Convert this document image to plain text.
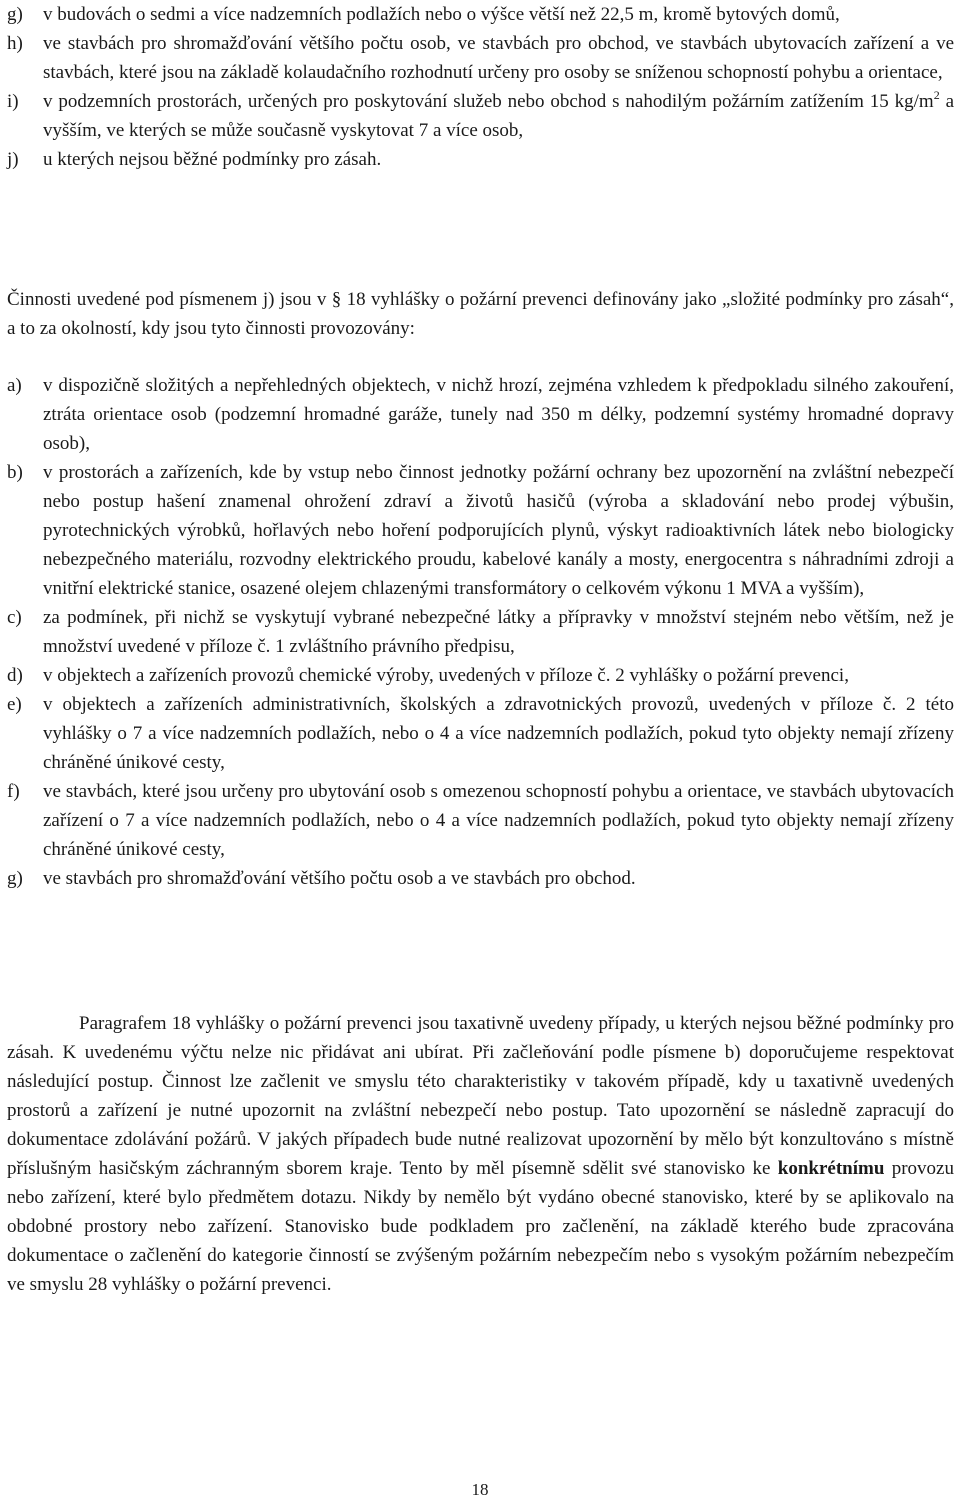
g) v budovách o sedmi a více nadzemních podlažích nebo o výšce větší než 22,5 m, kromě bytových domů,
h) ve stavbách pro shromažďování většího počtu osob, ve stavbách pro obchod, ve stavbách ubytovacích zařízení a ve stavbách, které jsou na základě kolaudačního rozhodnutí určeny pro osoby se sníženou schopností pohybu a orientace,
i) v podzemních prostorách, určených pro poskytování služeb nebo obchod s nahodilým požárním zatížením 15 $kg/m^2$ a vyšším, ve kterých se může současně vyskytovat 7 a více osob,
j) u kterých nejsou běžné podmínky pro zásah.

Činnosti uvedené pod písmenem j) jsou v § 18 vyhlášky o požární prevenci definovány jako „složité podmínky pro zásah“, a to za okolností, kdy jsou tyto činnosti provozovány:

a) v dispozičně složitých a nepřehledných objektech, v nichž hrozí, zejména vzhledem k předpokladu silného zakouření, ztráta orientace osob (podzemní hromadné garáže, tunely nad 350 m délky, podzemní systémy hromadné dopravy osob),
b) v prostorách a zařízeních, kde by vstup nebo činnost jednotky požární ochrany bez upozornění na zvláštní nebezpečí nebo postup hašení znamenal ohrožení zdraví a životů hasičů (výroba a skladování nebo prodej výbušin, pyrotechnických výrobků, hořlavých nebo hoření podporujících plynů, výskyt radioaktivních látek nebo biologicky nebezpečného materiálu, rozvodny elektrického proudu, kabelové kanály a mosty, energocentra s náhradními zdroji a vnitřní elektrické stanice, osazené olejem chlazenými transformátory o celkovém výkonu 1 MVA a vyšším),
c) za podmínek, při nichž se vyskytují vybrané nebezpečné látky a přípravky v množství stejném nebo větším, než je množství uvedené v příloze č. 1 zvláštního právního předpisu,
d) v objektech a zařízeních provozů chemické výroby, uvedených v příloze č. 2 vyhlášky o požární prevenci,
e) v objektech a zařízeních administrativních, školských a zdravotnických provozů, uvedených v příloze č. 2 této vyhlášky o 7 a více nadzemních podlažích, nebo o 4 a více nadzemních podlažích, pokud tyto objekty nemají zřízeny chráněné únikové cesty,
f) ve stavbách, které jsou určeny pro ubytování osob s omezenou schopností pohybu a orientace, ve stavbách ubytovacích zařízení o 7 a více nadzemních podlažích, nebo o 4 a více nadzemních podlažích, pokud tyto objekty nemají zřízeny chráněné únikové cesty,
g) ve stavbách pro shromažďování většího počtu osob a ve stavbách pro obchod.

Paragrafem 18 vyhlášky o požární prevenci jsou taxativně uvedeny případy, u kterých nejsou běžné podmínky pro zásah. K uvedenému výčtu nelze nic přidávat ani ubírat. Při začleňování podle písmene b) doporučujeme respektovat následující postup. Činnost lze začlenit ve smyslu této charakteristiky v takovém případě, kdy u taxativně uvedených prostorů a zařízení je nutné upozornit na zvláštní nebezpečí nebo postup. Tato upozornění se následně zapracují do dokumentace zdolávání požárů. V jakých případech bude nutné realizovat upozornění by mělo být konzultováno s místně příslušným hasičským záchranným sborem kraje. Tento by měl písemně sdělit své stanovisko ke konkrétnímu provozu nebo zařízení, které bylo předmětem dotazu. Nikdy by nemělo být vydáno obecné stanovisko, které by se aplikovalo na obdobné prostory nebo zařízení. Stanovisko bude podkladem pro začlenění, na základě kterého bude zpracována dokumentace o začlenění do kategorie činností se zvýšeným požárním nebezpečím nebo s vysokým požárním nebezpečím ve smyslu 28 vyhlášky o požární prevenci.

18
